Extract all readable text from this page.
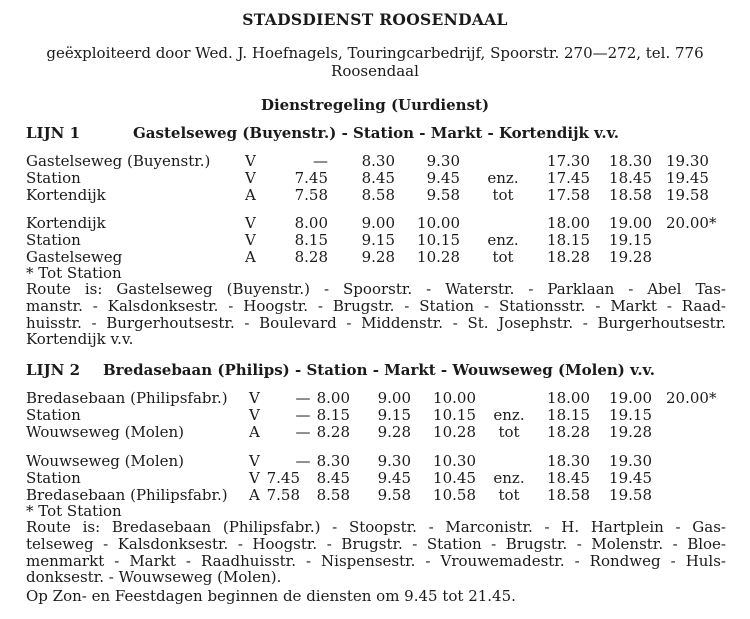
STADSDIENST ROOSENDAAL
geëxploiteerd door Wed. J. Hoefnagels, Touringcarbedrijf, Spoorstr. 270—272, tel. 776
Roosendaal
Dienstregeling (Uurdienst)
LIJN 1	Gastelseweg (Buyenstr.) - Station - Markt - Kortendijk v.v.
Gastelseweg (Buyenstr.) V	—	8.30	9.30	17.30	18.30 19.30
Station	V	7.45	8.45	9.45	enz.	17.45	18.45 19.45
Kortendijk	A	7.58	8.58	9.58	tot	17.58	18.58 19.58
Kortendijk	V	8.00	9.00	10.00	18.00	19.00 20.00*
Station	V	8.15	9.15	10.15	enz.	18.15	19.15
Gastelseweg	A	8.28	9.28	10.28	tot	18.28	19.28
* Tot Station
Route is: Gastelseweg (Buyenstr.) - Spoorstr. - Waterstr. - Parklaan - Abel Tas-
manstr. - Kalsdonksestr. - Hoogstr. - Brugstr. - Station - Stationsstr. - Markt - Raad-
huisstr. - Burgerhoutsestr. - Boulevard - Middenstr. - St. Josephstr. - Burgerhoutsestr.
Kortendijk v.v.
LIJN 2 Bredasebaan (Philips) - Station - Markt - Wouwseweg (Molen) v.v.
Bredasebaan (Philipsfabr.) V	— 8.00	9.00	10.00	18.00	19.00 20.00*
Station	V	— 8.15	9.15	10.15	enz.	18.15	19.15
Wouwseweg (Molen)	A	— 8.28	9.28	10.28	tot	18.28	19.28
Wouwseweg (Molen)	V	— 8.30	9.30	10.30	18.30	19.30
Station	V 7.45	8.45	9.45	10.45	enz.	18.45	19.45
Bredasebaan (Philipsfabr.) A 7.58	8.58	9.58	10.58	tot	18.58	19.58
* Tot Station
Route is: Bredasebaan (Philipsfabr.) - Stoopstr. - Marconistr. - H. Hartplein - Gas-
telseweg - Kalsdonksestr. - Hoogstr. - Brugstr. - Station - Brugstr. - Molenstr. - Bloe-
menmarkt - Markt - Raadhuisstr. - Nispensestr. - Vrouwemadestr. - Rondweg - Huls-
donksestr. - Wouwseweg (Molen).
Op Zon- en Feestdagen beginnen de diensten om 9.45 tot 21.45.
